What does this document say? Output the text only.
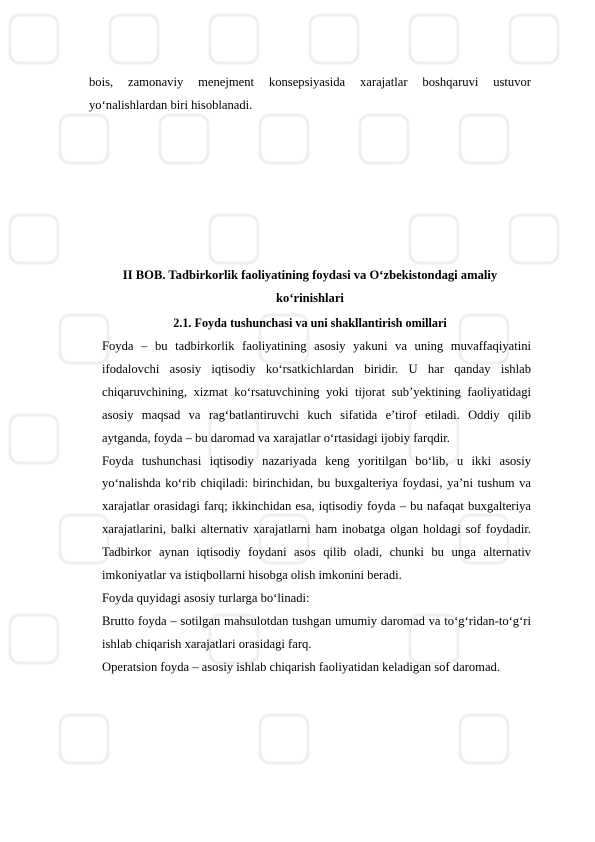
bois, zamonaviy menejment konsepsiyasida xarajatlar boshqaruvi ustuvor yo‘nalishlardan biri hisoblanadi.

II BOB. Tadbirkorlik faoliyatining foydasi va O‘zbekistondagi amaliy ko‘rinishlari

2.1. Foyda tushunchasi va uni shakllantirish omillari

Foyda – bu tadbirkorlik faoliyatining asosiy yakuni va uning muvaffaqiyatini ifodalovchi asosiy iqtisodiy ko‘rsatkichlardan biridir. U har qanday ishlab chiqaruvchining, xizmat ko‘rsatuvchining yoki tijorat sub’yektining faoliyatidagi asosiy maqsad va rag‘batlantiruvchi kuch sifatida e’tirof etiladi. Oddiy qilib aytganda, foyda – bu daromad va xarajatlar o‘rtasidagi ijobiy farqdir.

Foyda tushunchasi iqtisodiy nazariyada keng yoritilgan bo‘lib, u ikki asosiy yo‘nalishda ko‘rib chiqiladi: birinchidan, bu buxgalteriya foydasi, ya’ni tushum va xarajatlar orasidagi farq; ikkinchidan esa, iqtisodiy foyda – bu nafaqat buxgalteriya xarajatlarini, balki alternativ xarajatlarni ham inobatga olgan holdagi sof foydadir. Tadbirkor aynan iqtisodiy foydani asos qilib oladi, chunki bu unga alternativ imkoniyatlar va istiqbollarni hisobga olish imkonini beradi.

Foyda quyidagi asosiy turlarga bo‘linadi:

Brutto foyda – sotilgan mahsulotdan tushgan umumiy daromad va to‘g‘ridan-to‘g‘ri ishlab chiqarish xarajatlari orasidagi farq.

Operatsion foyda – asosiy ishlab chiqarish faoliyatidan keladigan sof daromad.
